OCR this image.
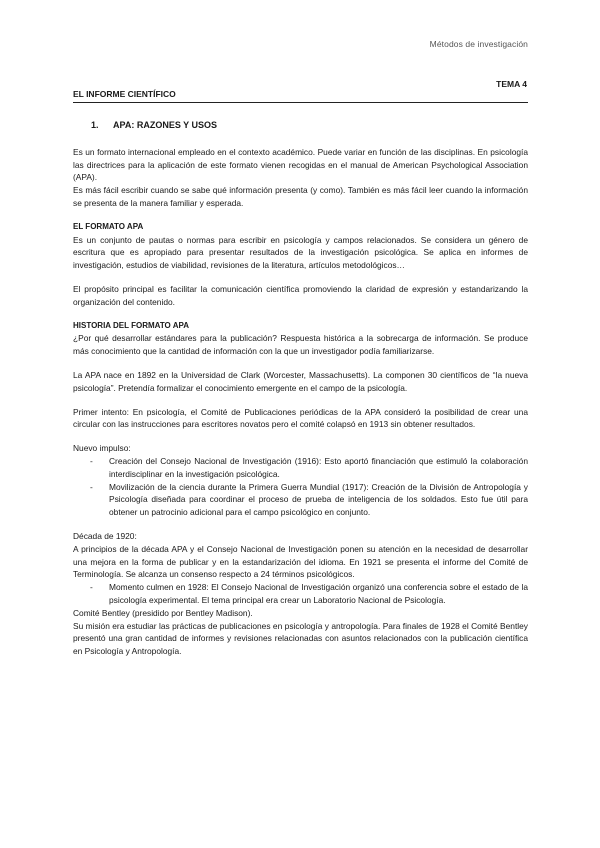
Métodos de investigación
TEMA 4
EL INFORME CIENTÍFICO
1. APA: RAZONES Y USOS

Es un formato internacional empleado en el contexto académico. Puede variar en función de las disciplinas. En psicología las directrices para la aplicación de este formato vienen recogidas en el manual de American Psychological Association (APA).

Es más fácil escribir cuando se sabe qué información presenta (y como). También es más fácil leer cuando la información se presenta de la manera familiar y esperada.

EL FORMATO APA

Es un conjunto de pautas o normas para escribir en psicología y campos relacionados. Se considera un género de escritura que es apropiado para presentar resultados de la investigación psicológica. Se aplica en informes de investigación, estudios de viabilidad, revisiones de la literatura, artículos metodológicos…

El propósito principal es facilitar la comunicación científica promoviendo la claridad de expresión y estandarizando la organización del contenido.

HISTORIA DEL FORMATO APA

¿Por qué desarrollar estándares para la publicación? Respuesta histórica a la sobrecarga de información. Se produce más conocimiento que la cantidad de información con la que un investigador podía familiarizarse.

La APA nace en 1892 en la Universidad de Clark (Worcester, Massachusetts). La componen 30 científicos de “la nueva psicología”. Pretendía formalizar el conocimiento emergente en el campo de la psicología.

Primer intento: En psicología, el Comité de Publicaciones periódicas de la APA consideró la posibilidad de crear una circular con las instrucciones para escritores novatos pero el comité colapsó en 1913 sin obtener resultados.

Nuevo impulso:

- Creación del Consejo Nacional de Investigación (1916): Esto aportó financiación que estimuló la colaboración interdisciplinar en la investigación psicológica.
- Movilización de la ciencia durante la Primera Guerra Mundial (1917): Creación de la División de Antropología y Psicología diseñada para coordinar el proceso de prueba de inteligencia de los soldados. Esto fue útil para obtener un patrocinio adicional para el campo psicológico en conjunto.

Década de 1920:

A principios de la década APA y el Consejo Nacional de Investigación ponen su atención en la necesidad de desarrollar una mejora en la forma de publicar y en la estandarización del idioma. En 1921 se presenta el informe del Comité de Terminología. Se alcanza un consenso respecto a 24 términos psicológicos.

- Momento culmen en 1928: El Consejo Nacional de Investigación organizó una conferencia sobre el estado de la psicología experimental. El tema principal era crear un Laboratorio Nacional de Psicología.

Comité Bentley (presidido por Bentley Madison).

Su misión era estudiar las prácticas de publicaciones en psicología y antropología. Para finales de 1928 el Comité Bentley presentó una gran cantidad de informes y revisiones relacionadas con asuntos relacionados con la publicación científica en Psicología y Antropología.
